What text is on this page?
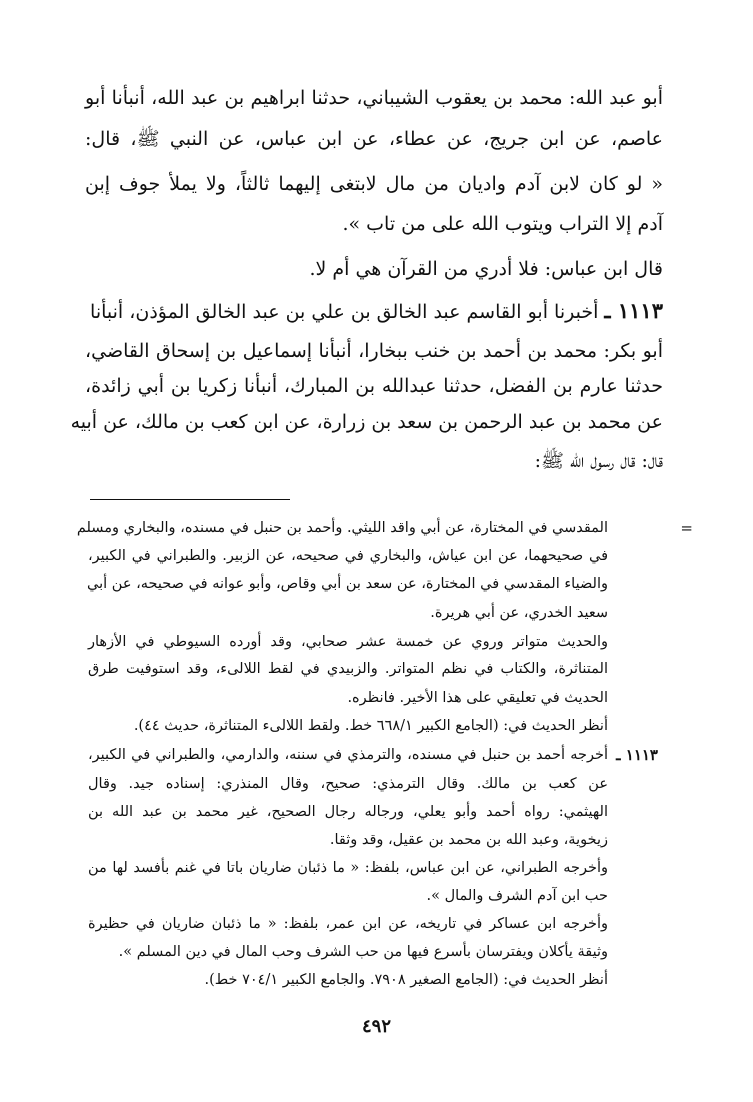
أبو عبد الله: محمد بن يعقوب الشيباني، حدثنا ابراهيم بن عبد الله، أنبأنا أبو
عاصم، عن ابن جريج، عن عطاء، عن ابن عباس، عن النبي ﷺ، قال:
« لو كان لابن آدم واديان من مال لابتغى إليهما ثالثاً، ولا يملأ جوف إبن
آدم إلا التراب ويتوب الله على من تاب ».
قال ابن عباس: فلا أدري من القرآن هي أم لا.
١١١٣ ـ أخبرنا أبو القاسم عبد الخالق بن علي بن عبد الخالق المؤذن، أنبأنا
أبو بكر: محمد بن أحمد بن خنب ببخارا، أنبأنا إسماعيل بن إسحاق القاضي،
حدثنا عارم بن الفضل، حدثنا عبدالله بن المبارك، أنبأنا زكريا بن أبي زائدة،
عن محمد بن عبد الرحمن بن سعد بن زرارة، عن ابن كعب بن مالك، عن أبيه
قال: قال رسول الله ﷺ:
=
المقدسي في المختارة، عن أبي واقد الليثي. وأحمد بن حنبل في مسنده، والبخاري ومسلم
في صحيحهما، عن ابن عياش، والبخاري في صحيحه، عن الزبير. والطبراني في الكبير،
والضياء المقدسي في المختارة، عن سعد بن أبي وقاص، وأبو عوانه في صحيحه، عن أبي
سعيد الخدري، عن أبي هريرة.
والحديث متواتر وروي عن خمسة عشر صحابي، وقد أورده السيوطي في الأزهار
المتناثرة، والكتاب في نظم المتواتر. والزبيدي في لقط اللالىء، وقد استوفيت طرق
الحديث في تعليقي على هذا الأخير. فانظره.
أنظر الحديث في: (الجامع الكبير ٦٦٨/١ خط. ولقط اللالىء المتناثرة، حديث ٤٤).
١١١٣ ـ
أخرجه أحمد بن حنبل في مسنده، والترمذي في سننه، والدارمي، والطبراني في الكبير،
عن كعب بن مالك. وقال الترمذي: صحيح، وقال المنذري: إسناده جيد. وقال
الهيثمي: رواه أحمد وأبو يعلي، ورجاله رجال الصحيح، غير محمد بن عبد الله بن
زيخوية، وعبد الله بن محمد بن عقيل، وقد وثقا.
وأخرجه الطبراني، عن ابن عباس، بلفظ: « ما ذئبان ضاريان باتا في غنم بأفسد لها من
حب ابن آدم الشرف والمال ».
وأخرجه ابن عساكر في تاريخه، عن ابن عمر، بلفظ: « ما ذئبان ضاريان في حظيرة
وثيقة يأكلان ويفترسان بأسرع فيها من حب الشرف وحب المال في دين المسلم ».
أنظر الحديث في: (الجامع الصغير ٧٩٠٨. والجامع الكبير ٧٠٤/١ خط).
٤٩٢
